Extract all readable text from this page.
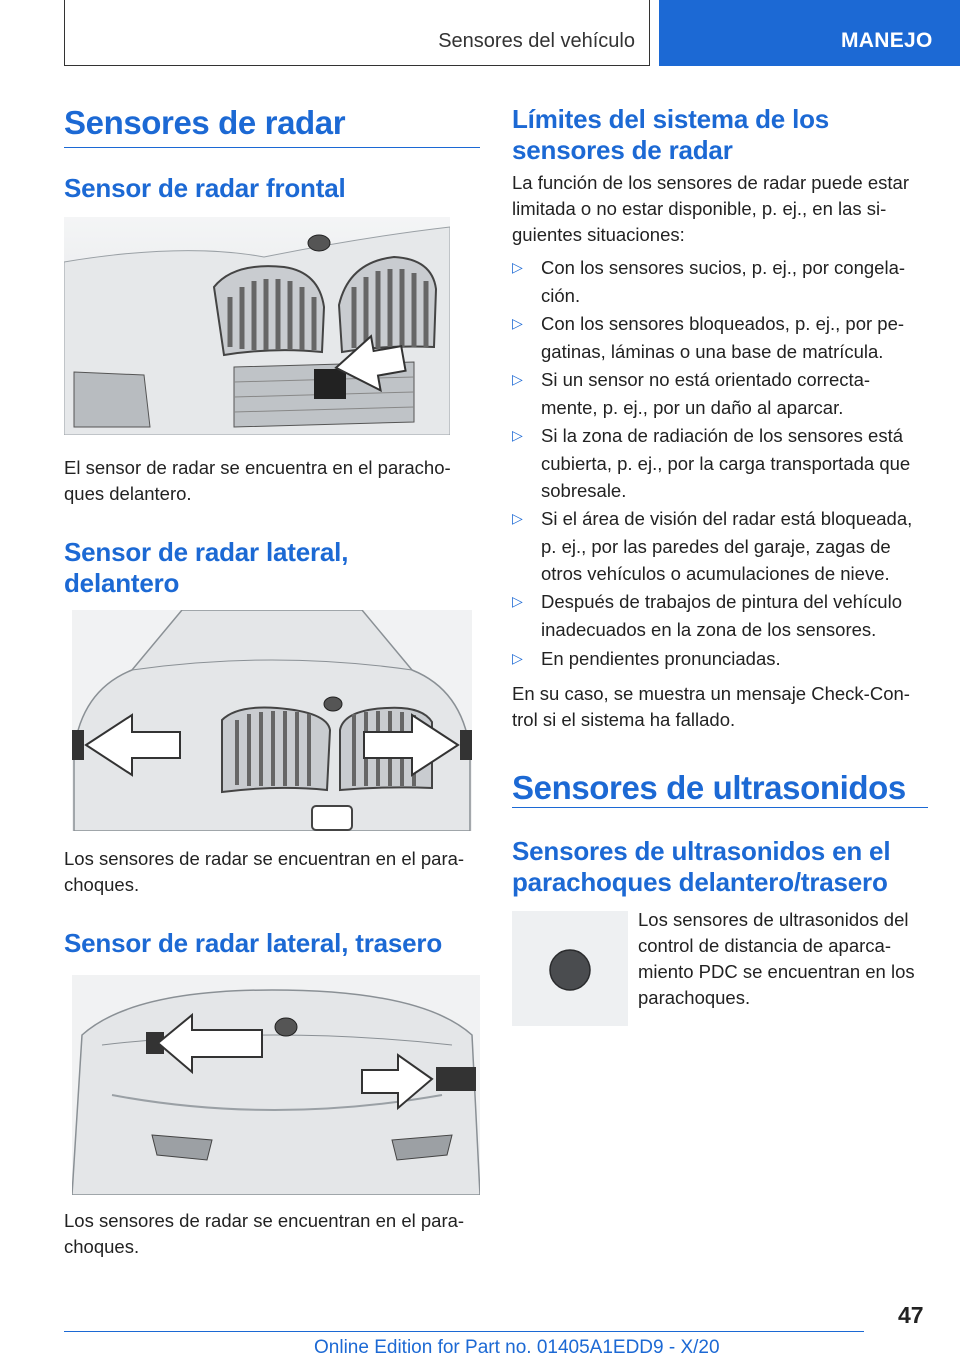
Sensores del vehículo	MANEJO
Sensores de radar
Sensor de radar frontal
El sensor de radar se encuentra en el paracho‐
ques delantero.
Sensor de radar lateral,
delantero
Los sensores de radar se encuentran en el para‐
choques.
Sensor de radar lateral, trasero
Los sensores de radar se encuentran en el para‐
choques.
Límites del sistema de los
sensores de radar
La función de los sensores de radar puede estar
limitada o no estar disponible, p. ej., en las si‐
guientes situaciones:
▷ Con los sensores sucios, p. ej., por congela‐
ción.
▷ Con los sensores bloqueados, p. ej., por pe‐
gatinas, láminas o una base de matrícula.
▷ Si un sensor no está orientado correcta‐
mente, p. ej., por un daño al aparcar.
▷ Si la zona de radiación de los sensores está
cubierta, p. ej., por la carga transportada que
sobresale.
▷ Si el área de visión del radar está bloqueada,
p. ej., por las paredes del garaje, zagas de
otros vehículos o acumulaciones de nieve.
▷ Después de trabajos de pintura del vehículo
inadecuados en la zona de los sensores.
▷ En pendientes pronunciadas.
En su caso, se muestra un mensaje Check-Con‐
trol si el sistema ha fallado.
Sensores de ultrasonidos
Sensores de ultrasonidos en el
parachoques delantero/trasero
Los sensores de ultrasonidos del
control de distancia de aparca‐
miento PDC se encuentran en los
parachoques.
47
Online Edition for Part no. 01405A1EDD9 - X/20
